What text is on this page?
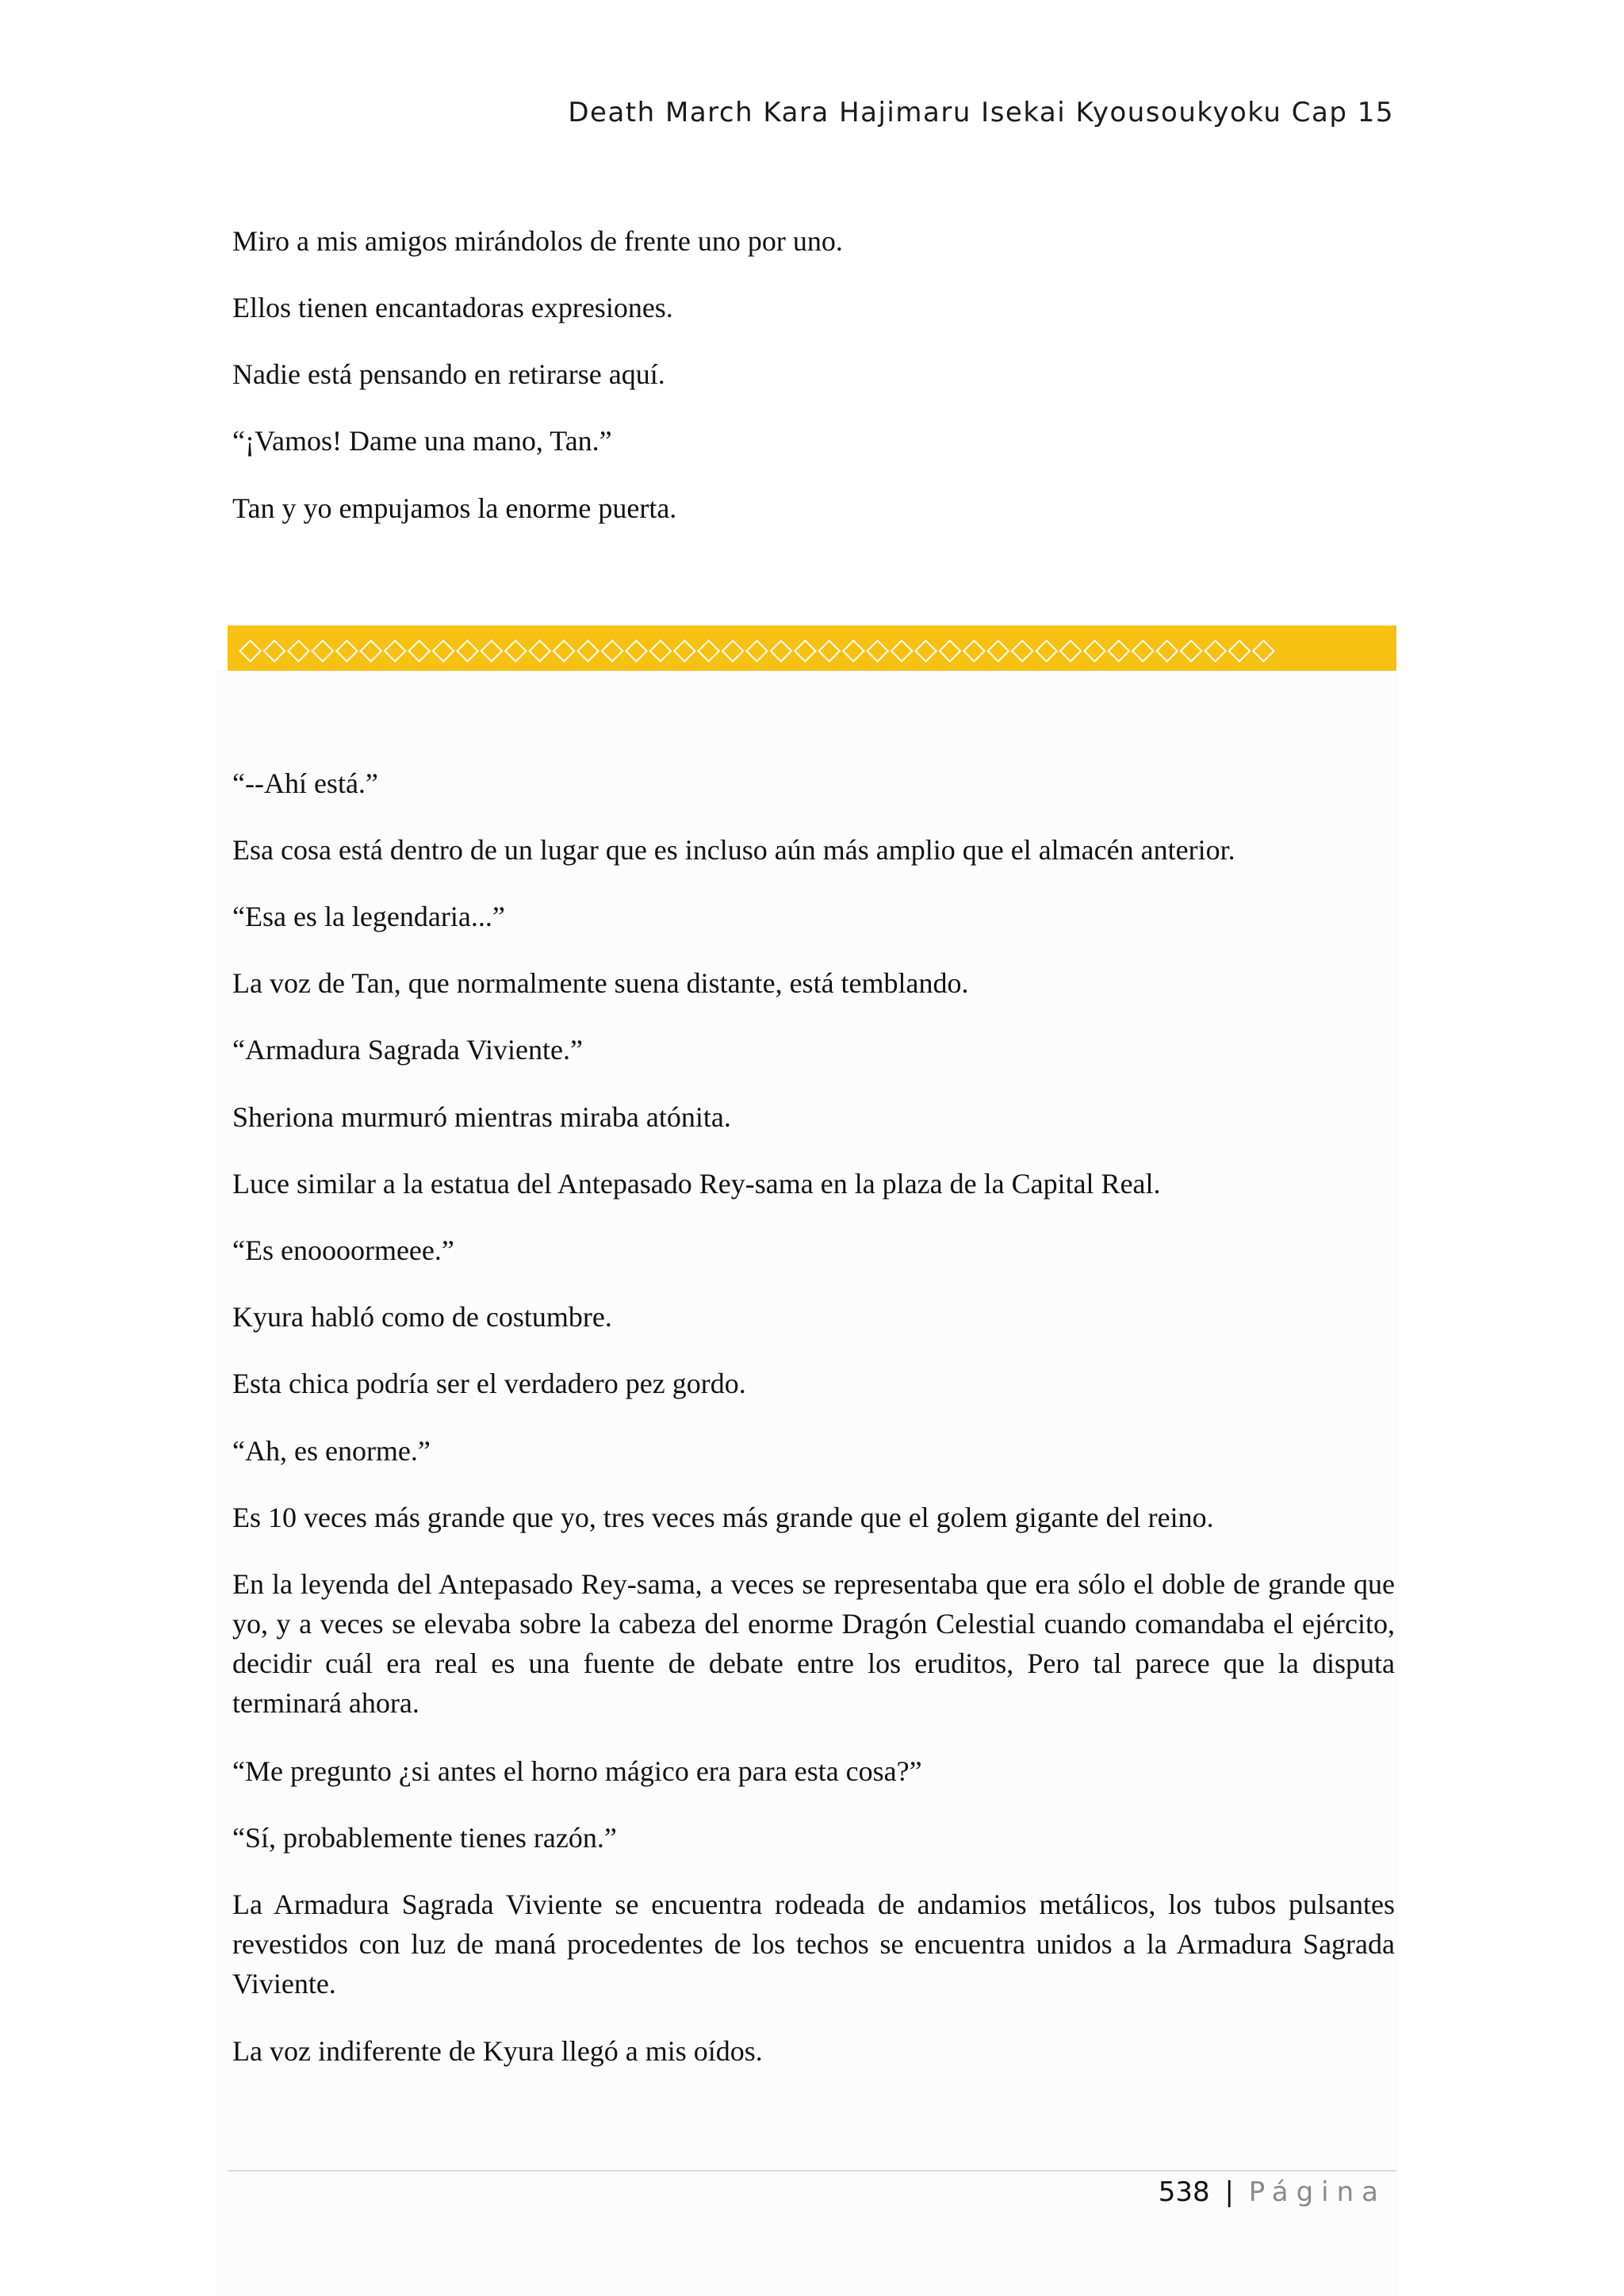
Death March Kara Hajimaru Isekai Kyousoukyoku Cap 15

Miro a mis amigos mirándolos de frente uno por uno.

Ellos tienen encantadoras expresiones.

Nadie está pensando en retirarse aquí.

“¡Vamos! Dame una mano, Tan.”

Tan y yo empujamos la enorme puerta.

◇◇◇◇◇◇◇◇◇◇◇◇◇◇◇◇◇◇◇◇◇◇◇◇◇◇◇◇◇◇◇◇◇◇◇◇◇◇◇◇◇◇◇

“--Ahí está.”

Esa cosa está dentro de un lugar que es incluso aún más amplio que el almacén anterior.

“Esa es la legendaria...”

La voz de Tan, que normalmente suena distante, está temblando.

“Armadura Sagrada Viviente.”

Sheriona murmuró mientras miraba atónita.

Luce similar a la estatua del Antepasado Rey-sama en la plaza de la Capital Real.

“Es enoooormeee.”

Kyura habló como de costumbre.

Esta chica podría ser el verdadero pez gordo.

“Ah, es enorme.”

Es 10 veces más grande que yo, tres veces más grande que el golem gigante del reino.

En la leyenda del Antepasado Rey-sama, a veces se representaba que era sólo el doble de grande que yo, y a veces se elevaba sobre la cabeza del enorme Dragón Celestial cuando comandaba el ejército, decidir cuál era real es una fuente de debate entre los eruditos, Pero tal parece que la disputa terminará ahora.

“Me pregunto ¿si antes el horno mágico era para esta cosa?”

“Sí, probablemente tienes razón.”

La Armadura Sagrada Viviente se encuentra rodeada de andamios metálicos, los tubos pulsantes revestidos con luz de maná procedentes de los techos se encuentra unidos a la Armadura Sagrada Viviente.

La voz indiferente de Kyura llegó a mis oídos.

538 | Página
